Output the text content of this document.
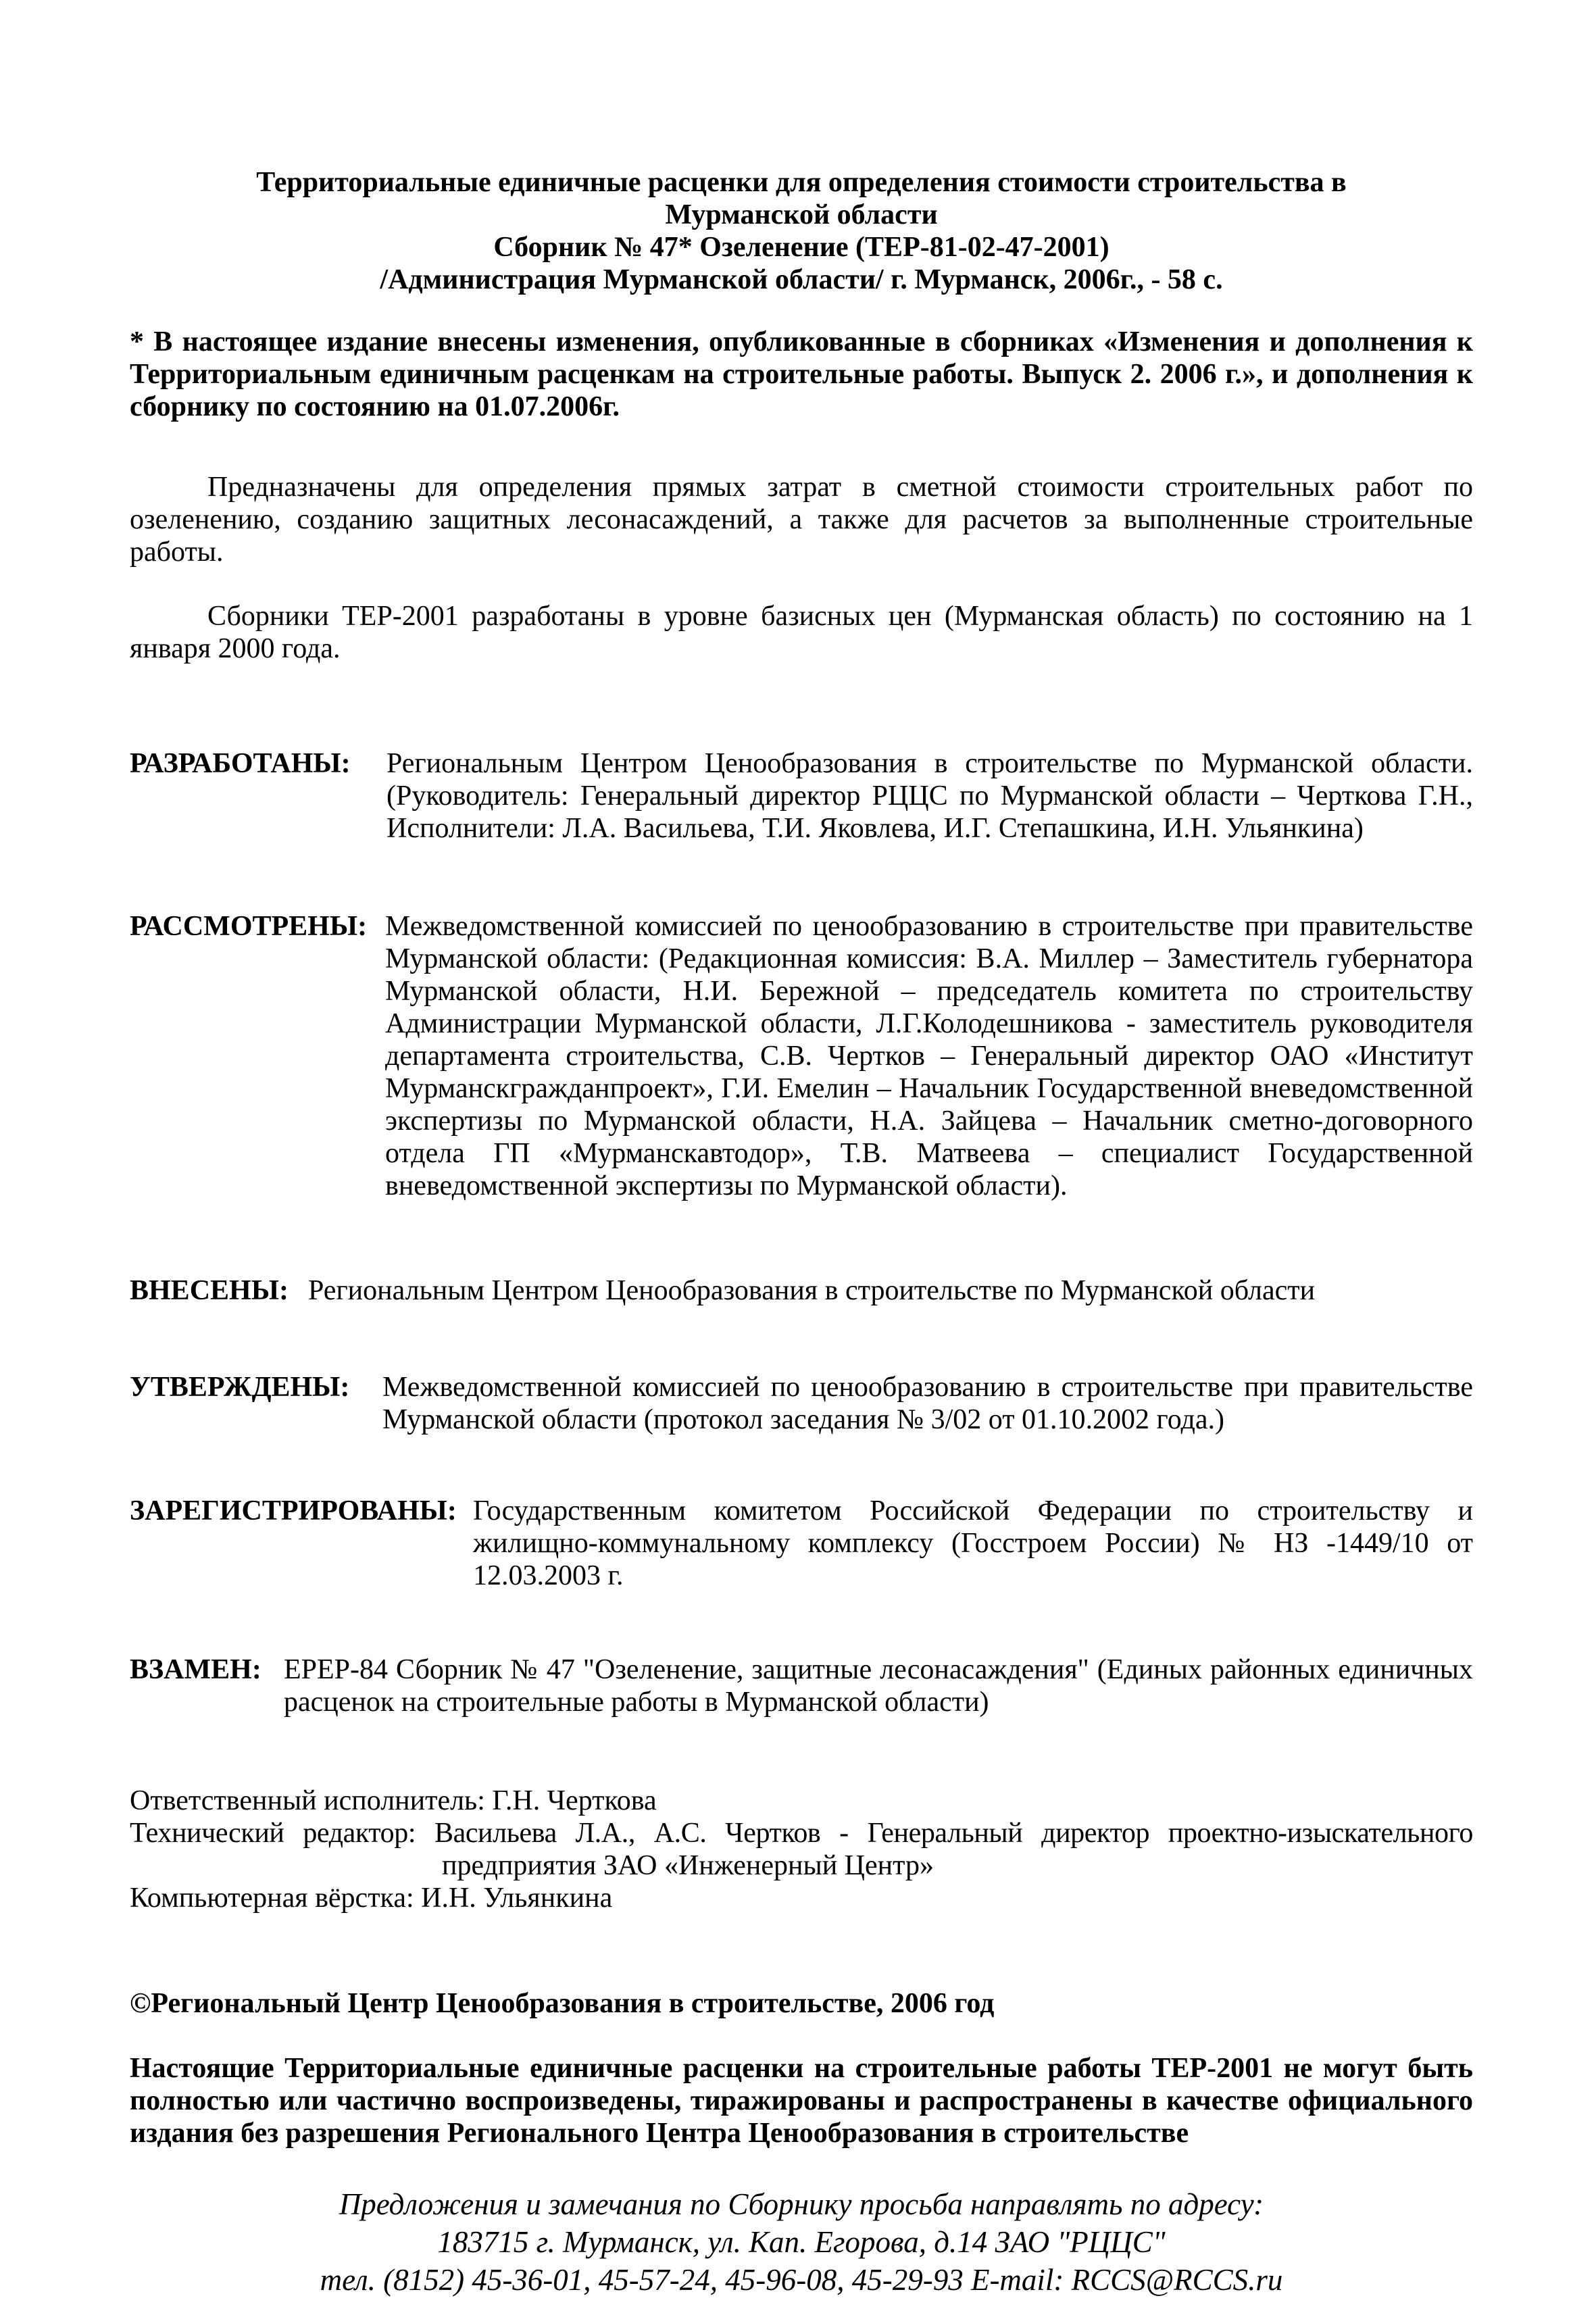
Территориальные единичные расценки для определения стоимости строительства в
Мурманской области
Сборник № 47* Озеленение (ТЕР-81-02-47-2001)
/Администрация Мурманской области/ г. Мурманск, 2006г., - 58 с.
* В настоящее издание внесены изменения, опубликованные в сборниках «Изменения и дополнения к Территориальным единичным расценкам на строительные работы. Выпуск 2. 2006 г.», и дополнения к сборнику по состоянию на 01.07.2006г.
Предназначены для определения прямых затрат в сметной стоимости строительных работ по озеленению, созданию защитных лесонасаждений, а также для расчетов за выполненные строительные работы.
Сборники ТЕР-2001 разработаны в уровне базисных цен (Мурманская область) по состоянию на 1 января 2000 года.
РАЗРАБОТАНЫ:	Региональным Центром Ценообразования в строительстве по Мурманской области. (Руководитель: Генеральный директор РЦЦС по Мурманской области – Черткова Г.Н., Исполнители: Л.А. Васильева, Т.И. Яковлева, И.Г. Степашкина, И.Н. Ульянкина)
РАССМОТРЕНЫ: Межведомственной комиссией по ценообразованию в строительстве при правительстве Мурманской области: (Редакционная комиссия: В.А. Миллер – Заместитель губернатора Мурманской области, Н.И. Бережной – председатель комитета по строительству Администрации Мурманской области, Л.Г.Колодешникова - заместитель руководителя департамента строительства, С.В. Чертков – Генеральный директор ОАО «Институт Мурманскгражданпроект», Г.И. Емелин – Начальник Государственной вневедомственной экспертизы по Мурманской области, Н.А. Зайцева – Начальник сметно-договорного отдела ГП «Мурманскавтодор», Т.В. Матвеева – специалист Государственной вневедомственной экспертизы по Мурманской области).
ВНЕСЕНЫ: Региональным Центром Ценообразования в строительстве по Мурманской области
УТВЕРЖДЕНЫ:	Межведомственной комиссией по ценообразованию в строительстве при правительстве Мурманской области (протокол заседания № 3/02 от 01.10.2002 года.)
ЗАРЕГИСТРИРОВАНЫ: Государственным комитетом Российской Федерации по строительству и жилищно-коммунальному комплексу (Госстроем России) № НЗ -1449/10 от 12.03.2003 г.
ВЗАМЕН: ЕРЕР-84 Сборник № 47 "Озеленение, защитные лесонасаждения" (Единых районных единичных расценок на строительные работы в Мурманской области)
Ответственный исполнитель: Г.Н. Черткова
Технический редактор: Васильева Л.А., А.С. Чертков - Генеральный директор проектно-изыскательного
предприятия ЗАО «Инженерный Центр»
Компьютерная вёрстка: И.Н. Ульянкина
©Региональный Центр Ценообразования в строительстве, 2006 год
Настоящие Территориальные единичные расценки на строительные работы ТЕР-2001 не могут быть полностью или частично воспроизведены, тиражированы и распространены в качестве официального издания без разрешения Регионального Центра Ценообразования в строительстве
Предложения и замечания по Сборнику просьба направлять по адресу:
183715 г. Мурманск, ул. Кап. Егорова, д.14 ЗАО "РЦЦС"
тел. (8152) 45-36-01, 45-57-24, 45-96-08, 45-29-93 E-mail: RCCS@RCCS.ru
